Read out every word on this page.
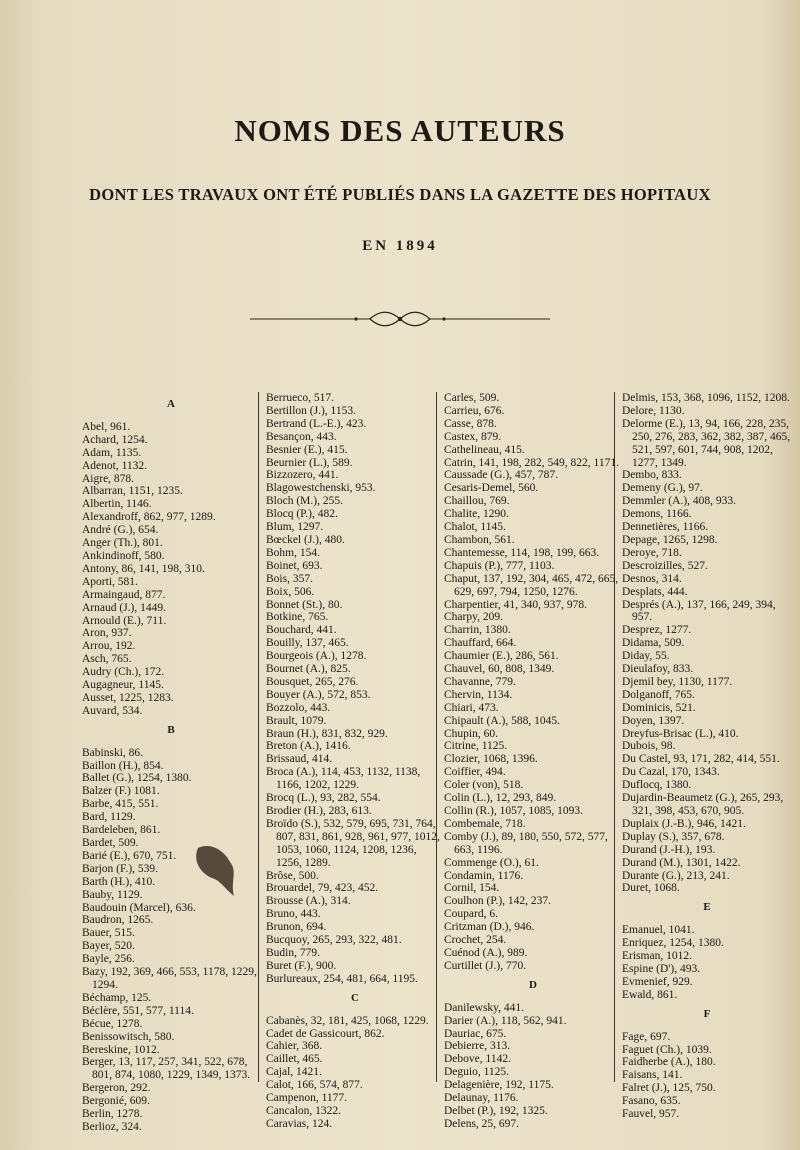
NOMS DES AUTEURS
DONT LES TRAVAUX ONT ÉTÉ PUBLIÉS DANS LA GAZETTE DES HOPITAUX
EN 1894
A
Abel, 961.
Achard, 1254.
Adam, 1135.
Adenot, 1132.
Aigre, 878.
Albarran, 1151, 1235.
Albertin, 1146.
Alexandroff, 862, 977, 1289.
André (G.), 654.
Anger (Th.), 801.
Ankindinoff, 580.
Antony, 86, 141, 198, 310.
Aporti, 581.
Armaingaud, 877.
Arnaud (J.), 1449.
Arnould (E.), 711.
Aron, 937.
Arrou, 192.
Asch, 765.
Audry (Ch.), 172.
Augagneur, 1145.
Ausset, 1225, 1283.
Auvard, 534.
B
Babinski, 86.
Baillon (H.), 854.
Ballet (G.), 1254, 1380.
Balzer (F.) 1081.
Barbe, 415, 551.
Bard, 1129.
Bardeleben, 861.
Bardet, 509.
Barié (E.), 670, 751.
Barjon (F.), 539.
Barth (H.), 410.
Bauby, 1129.
Baudouin (Marcel), 636.
Baudron, 1265.
Bauer, 515.
Bayer, 520.
Bayle, 256.
Bazy, 192, 369, 466, 553, 1178, 1229, 1294.
Béchamp, 125.
Béclère, 551, 577, 1114.
Bécue, 1278.
Benissowitsch, 580.
Bereskine, 1012.
Berger, 13, 117, 257, 341, 522, 678, 801, 874, 1080, 1229, 1349, 1373.
Bergeron, 292.
Bergonié, 609.
Berlin, 1278.
Berlioz, 324.
Berrueco, 517.
Bertillon (J.), 1153.
Bertrand (L.-E.), 423.
Besançon, 443.
Besnier (E.), 415.
Beurnier (L.), 589.
Bizzozero, 441.
Blagowestchenski, 953.
Bloch (M.), 255.
Blocq (P.), 482.
Blum, 1297.
Bœckel (J.), 480.
Bohm, 154.
Boinet, 693.
Bois, 357.
Boix, 506.
Bonnet (St.), 80.
Botkine, 765.
Bouchard, 441.
Bouilly, 137, 465.
Bourgeois (A.), 1278.
Bournet (A.), 825.
Bousquet, 265, 276.
Bouyer (A.), 572, 853.
Bozzolo, 443.
Brault, 1079.
Braun (H.), 831, 832, 929.
Breton (A.), 1416.
Brissaud, 414.
Broca (A.), 114, 453, 1132, 1138, 1166, 1202, 1229.
Brocq (L.), 93, 282, 554.
Brodier (H.), 283, 613.
Broïdo (S.), 532, 579, 695, 731, 764, 807, 831, 861, 928, 961, 977, 1012, 1053, 1060, 1124, 1208, 1236, 1256, 1289.
Brôse, 500.
Brouardel, 79, 423, 452.
Brousse (A.), 314.
Bruno, 443.
Brunon, 694.
Bucquoy, 265, 293, 322, 481.
Budin, 779.
Buret (F.), 900.
Burlureaux, 254, 481, 664, 1195.
C
Cabanès, 32, 181, 425, 1068, 1229.
Cadet de Gassicourt, 862.
Cahier, 368.
Caillet, 465.
Cajal, 1421.
Calot, 166, 574, 877.
Campenon, 1177.
Cancalon, 1322.
Caravias, 124.
Carles, 509.
Carrieu, 676.
Casse, 878.
Castex, 879.
Cathelineau, 415.
Catrin, 141, 198, 282, 549, 822, 1171.
Caussade (G.), 457, 787.
Cesaris-Demel, 560.
Chaillou, 769.
Chalite, 1290.
Chalot, 1145.
Chambon, 561.
Chantemesse, 114, 198, 199, 663.
Chapuis (P.), 777, 1103.
Chaput, 137, 192, 304, 465, 472, 665, 629, 697, 794, 1250, 1276.
Charpentier, 41, 340, 937, 978.
Charpy, 209.
Charrin, 1380.
Chauffard, 664.
Chaumier (E.), 286, 561.
Chauvel, 60, 808, 1349.
Chavanne, 779.
Chervin, 1134.
Chiari, 473.
Chipault (A.), 588, 1045.
Chupin, 60.
Citrine, 1125.
Clozier, 1068, 1396.
Coiffier, 494.
Coler (von), 518.
Colin (L.), 12, 293, 849.
Collin (R.), 1057, 1085, 1093.
Combemale, 718.
Comby (J.), 89, 180, 550, 572, 577, 663, 1196.
Commenge (O.), 61.
Condamin, 1176.
Cornil, 154.
Coulhon (P.), 142, 237.
Coupard, 6.
Critzman (D.), 946.
Crochet, 254.
Cuénod (A.), 989.
Curtillet (J.), 770.
D
Danilewsky, 441.
Darier (A.), 118, 562, 941.
Dauriac, 675.
Debierre, 313.
Debove, 1142.
Deguio, 1125.
Delagenière, 192, 1175.
Delaunay, 1176.
Delbet (P.), 192, 1325.
Delens, 25, 697.
Delmis, 153, 368, 1096, 1152, 1208.
Delore, 1130.
Delorme (E.), 13, 94, 166, 228, 235, 250, 276, 283, 362, 382, 387, 465, 521, 597, 601, 744, 908, 1202, 1277, 1349.
Dembo, 833.
Demeny (G.), 97.
Demmler (A.), 408, 933.
Demons, 1166.
Dennetières, 1166.
Depage, 1265, 1298.
Deroye, 718.
Descroizilles, 527.
Desnos, 314.
Desplats, 444.
Després (A.), 137, 166, 249, 394, 957.
Desprez, 1277.
Didama, 509.
Diday, 55.
Dieulafoy, 833.
Djemil bey, 1130, 1177.
Dolganoff, 765.
Dominicis, 521.
Doyen, 1397.
Dreyfus-Brisac (L.), 410.
Dubois, 98.
Du Castel, 93, 171, 282, 414, 551.
Du Cazal, 170, 1343.
Duflocq, 1380.
Dujardin-Beaumetz (G.), 265, 293, 321, 398, 453, 670, 905.
Duplaix (J.-B.), 946, 1421.
Duplay (S.), 357, 678.
Durand (J.-H.), 193.
Durand (M.), 1301, 1422.
Durante (G.), 213, 241.
Duret, 1068.
E
Emanuel, 1041.
Enriquez, 1254, 1380.
Erisman, 1012.
Espine (D'), 493.
Evmenief, 929.
Ewald, 861.
F
Fage, 697.
Faguet (Ch.), 1039.
Faidherbe (A.), 180.
Faisans, 141.
Falret (J.), 125, 750.
Fasano, 635.
Fauvel, 957.
